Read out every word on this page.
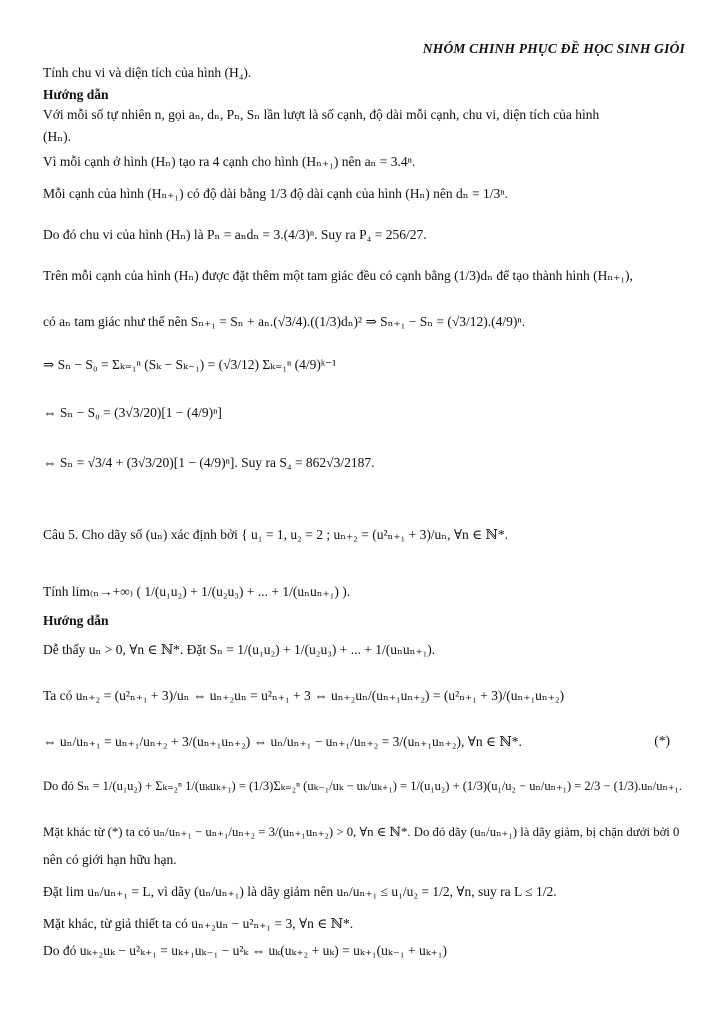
NHÓM CHINH PHỤC ĐỀ HỌC SINH GIỎI
Tính chu vi và diện tích của hình (H₄).
Hướng dẫn
Với mỗi số tự nhiên n, gọi aₙ, dₙ, Pₙ, Sₙ lần lượt là số cạnh, độ dài mỗi cạnh, chu vi, diện tích của hình
(Hₙ).
Vì mỗi cạnh ở hình (Hₙ) tạo ra 4 cạnh cho hình (Hₙ₊₁) nên aₙ = 3.4ⁿ.
Mỗi cạnh của hình (Hₙ₊₁) có độ dài bằng 1/3 độ dài cạnh của hình (Hₙ) nên dₙ = 1/3ⁿ.
Do đó chu vi của hình (Hₙ) là Pₙ = aₙdₙ = 3.(4/3)ⁿ. Suy ra P₄ = 256/27.
Trên mỗi cạnh của hình (Hₙ) được đặt thêm một tam giác đều có cạnh bằng (1/3)dₙ để tạo thành hình (Hₙ₊₁),
có aₙ tam giác như thế nên Sₙ₊₁ = Sₙ + aₙ.(√3/4).((1/3)dₙ)² ⇒ Sₙ₊₁ − Sₙ = (√3/12).(4/9)ⁿ.
⇒ Sₙ − S₀ = Σₖ₌₁ⁿ (Sₖ − Sₖ₋₁) = (√3/12) Σₖ₌₁ⁿ (4/9)ᵏ⁻¹
⇔ Sₙ − S₀ = (3√3/20)[1 − (4/9)ⁿ]
⇔ Sₙ = √3/4 + (3√3/20)[1 − (4/9)ⁿ]. Suy ra S₄ = 862√3/2187.
Câu 5. Cho dãy số (uₙ) xác định bởi { u₁ = 1, u₂ = 2 ; uₙ₊₂ = (u²ₙ₊₁ + 3)/uₙ, ∀n ∈ ℕ*.
Tính lim₍ₙ→+∞₎ ( 1/(u₁u₂) + 1/(u₂u₃) + ... + 1/(uₙuₙ₊₁) ).
Hướng dẫn
Dễ thấy uₙ > 0, ∀n ∈ ℕ*. Đặt Sₙ = 1/(u₁u₂) + 1/(u₂u₃) + ... + 1/(uₙuₙ₊₁).
Ta có uₙ₊₂ = (u²ₙ₊₁ + 3)/uₙ ⇔ uₙ₊₂uₙ = u²ₙ₊₁ + 3 ⇔ uₙ₊₂uₙ/(uₙ₊₁uₙ₊₂) = (u²ₙ₊₁ + 3)/(uₙ₊₁uₙ₊₂)
⇔ uₙ/uₙ₊₁ = uₙ₊₁/uₙ₊₂ + 3/(uₙ₊₁uₙ₊₂) ⇔ uₙ/uₙ₊₁ − uₙ₊₁/uₙ₊₂ = 3/(uₙ₊₁uₙ₊₂), ∀n ∈ ℕ*.	(*)
Do đó Sₙ = 1/(u₁u₂) + Σₖ₌₂ⁿ 1/(uₖuₖ₊₁) = (1/3)Σₖ₌₂ⁿ (uₖ₋₁/uₖ − uₖ/uₖ₊₁) = 1/(u₁u₂) + (1/3)(u₁/u₂ − uₙ/uₙ₊₁) = 2/3 − (1/3).uₙ/uₙ₊₁.
Mặt khác từ (*) ta có uₙ/uₙ₊₁ − uₙ₊₁/uₙ₊₂ = 3/(uₙ₊₁uₙ₊₂) > 0, ∀n ∈ ℕ*. Do đó dãy (uₙ/uₙ₊₁) là dãy giảm, bị chặn dưới bởi 0
nên có giới hạn hữu hạn.
Đặt lim uₙ/uₙ₊₁ = L, vì dãy (uₙ/uₙ₊₁) là dãy giảm nên uₙ/uₙ₊₁ ≤ u₁/u₂ = 1/2, ∀n, suy ra L ≤ 1/2.
Mặt khác, từ giả thiết ta có uₙ₊₂uₙ − u²ₙ₊₁ = 3, ∀n ∈ ℕ*.
Do đó uₖ₊₂uₖ − u²ₖ₊₁ = uₖ₊₁uₖ₋₁ − u²ₖ ⇔ uₖ(uₖ₊₂ + uₖ) = uₖ₊₁(uₖ₋₁ + uₖ₊₁)
